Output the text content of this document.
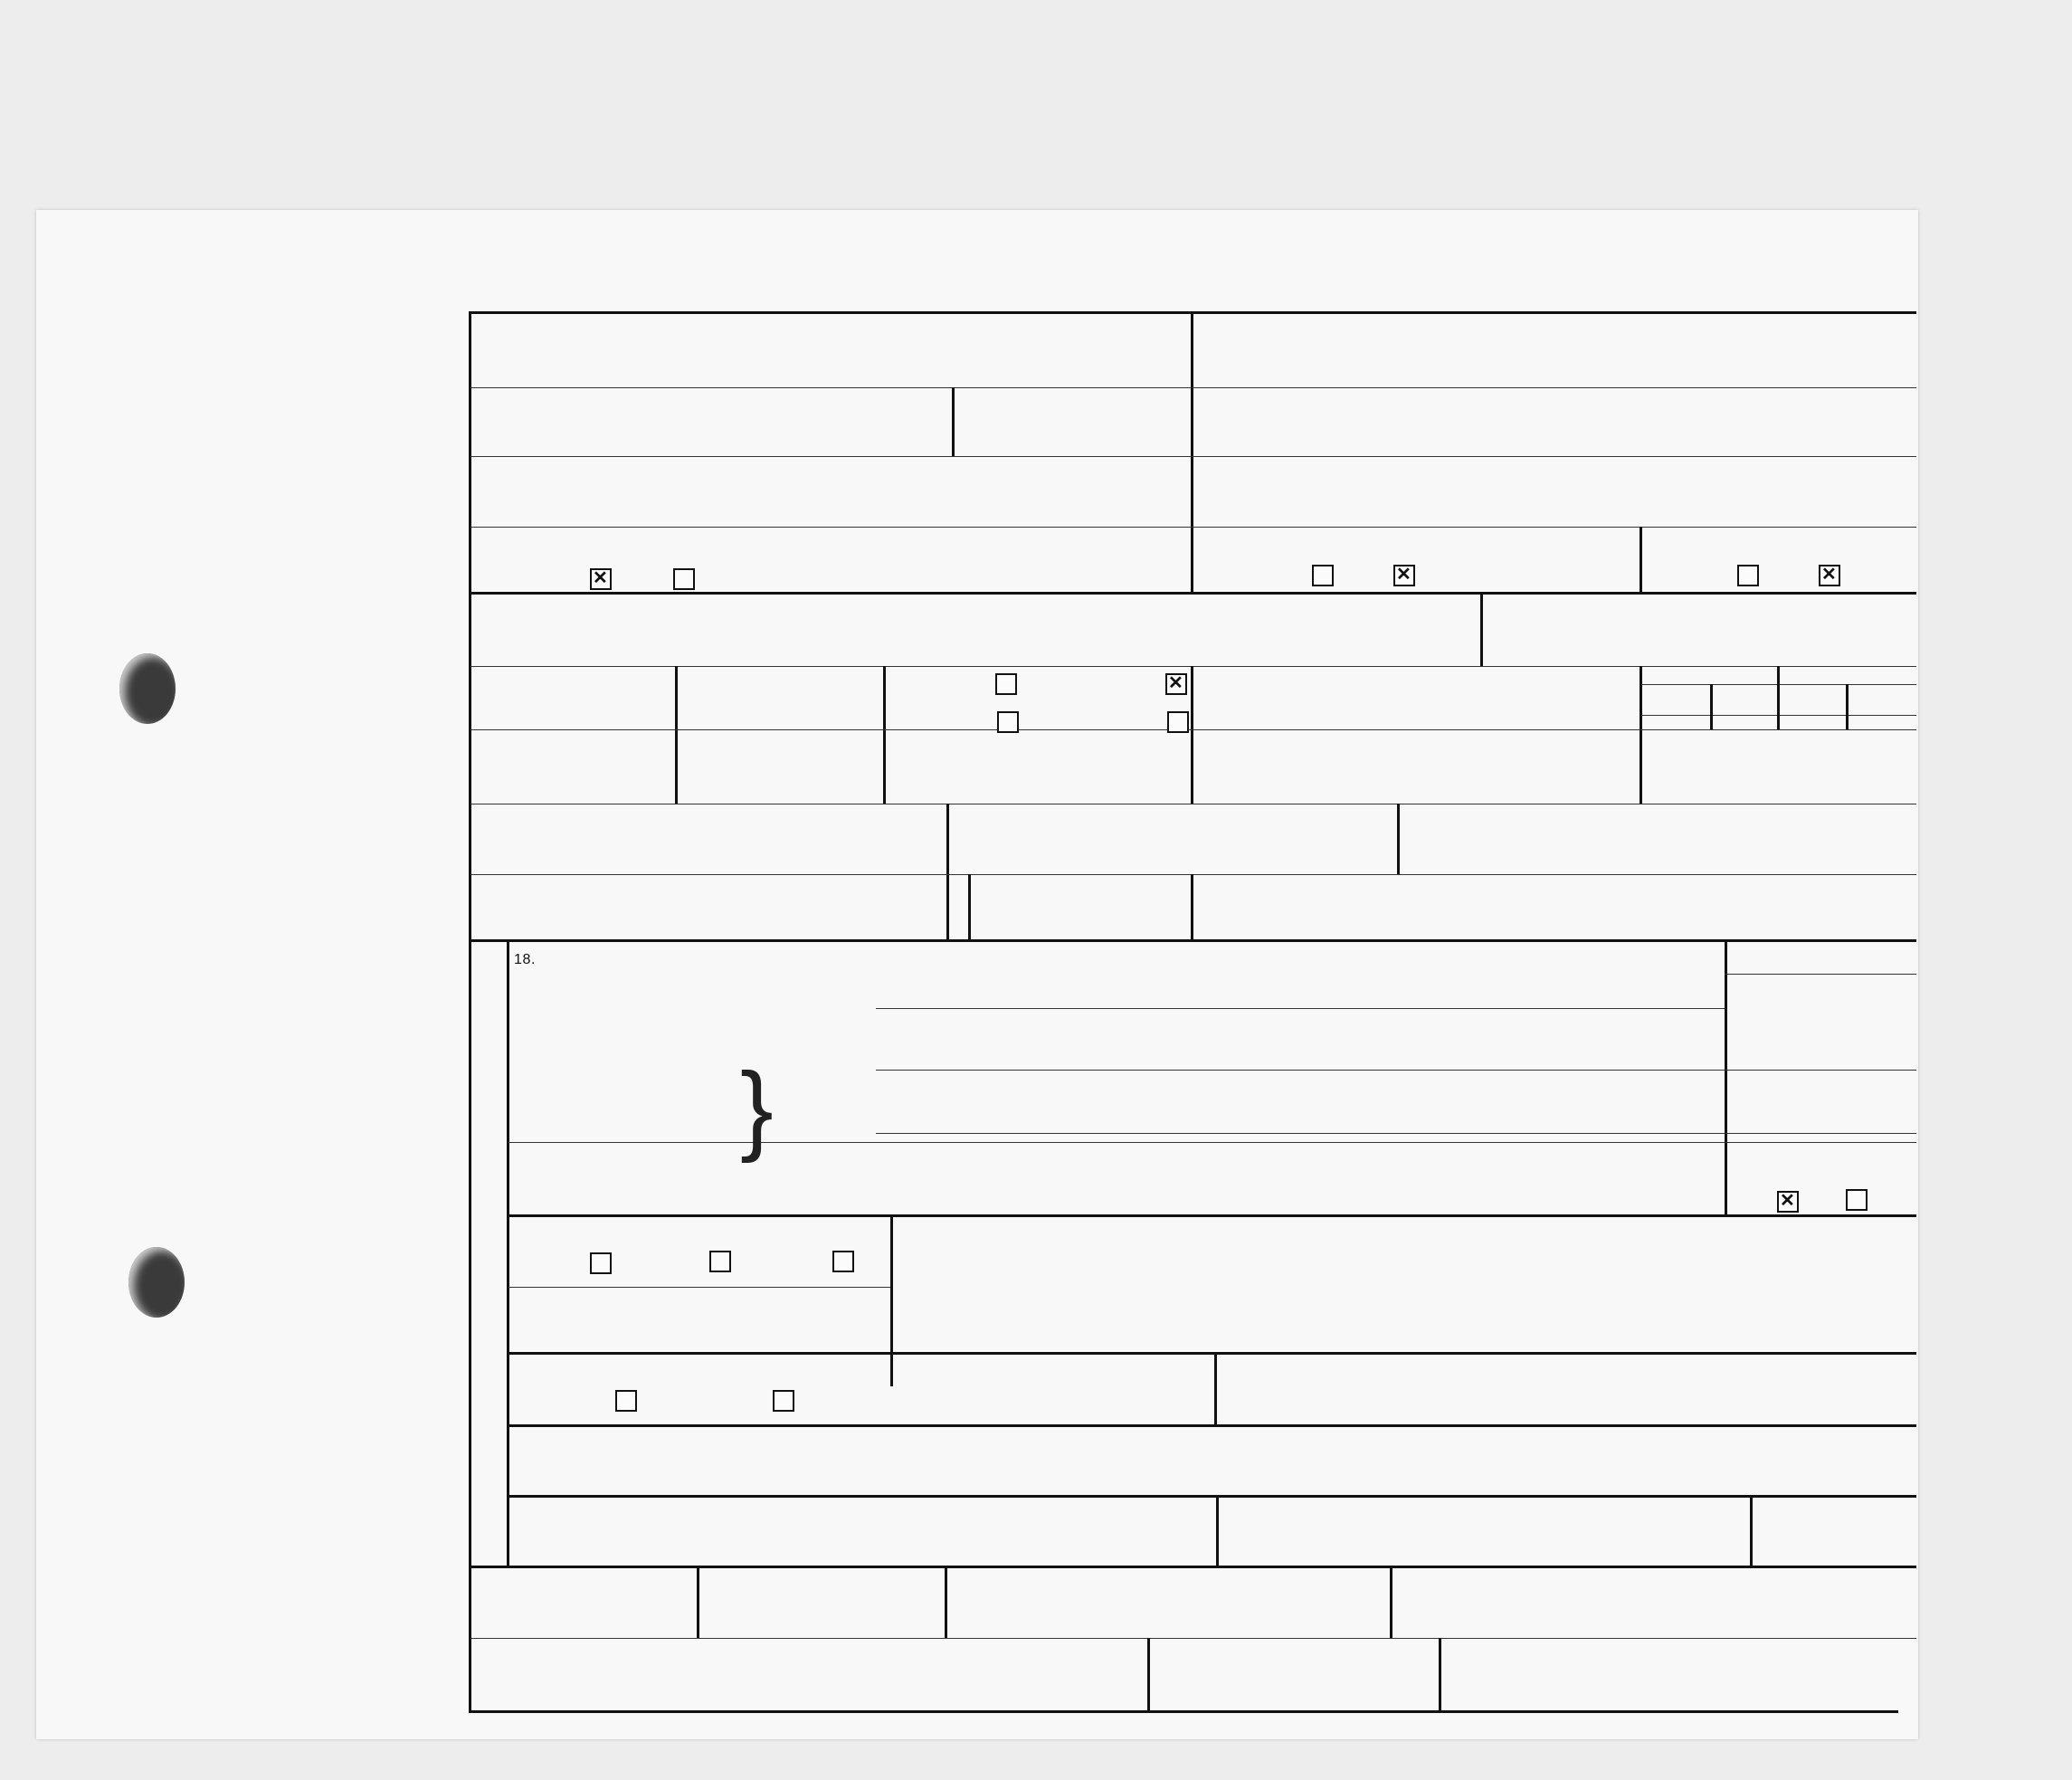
✕
✕
✕
✕
18.
}
✕
